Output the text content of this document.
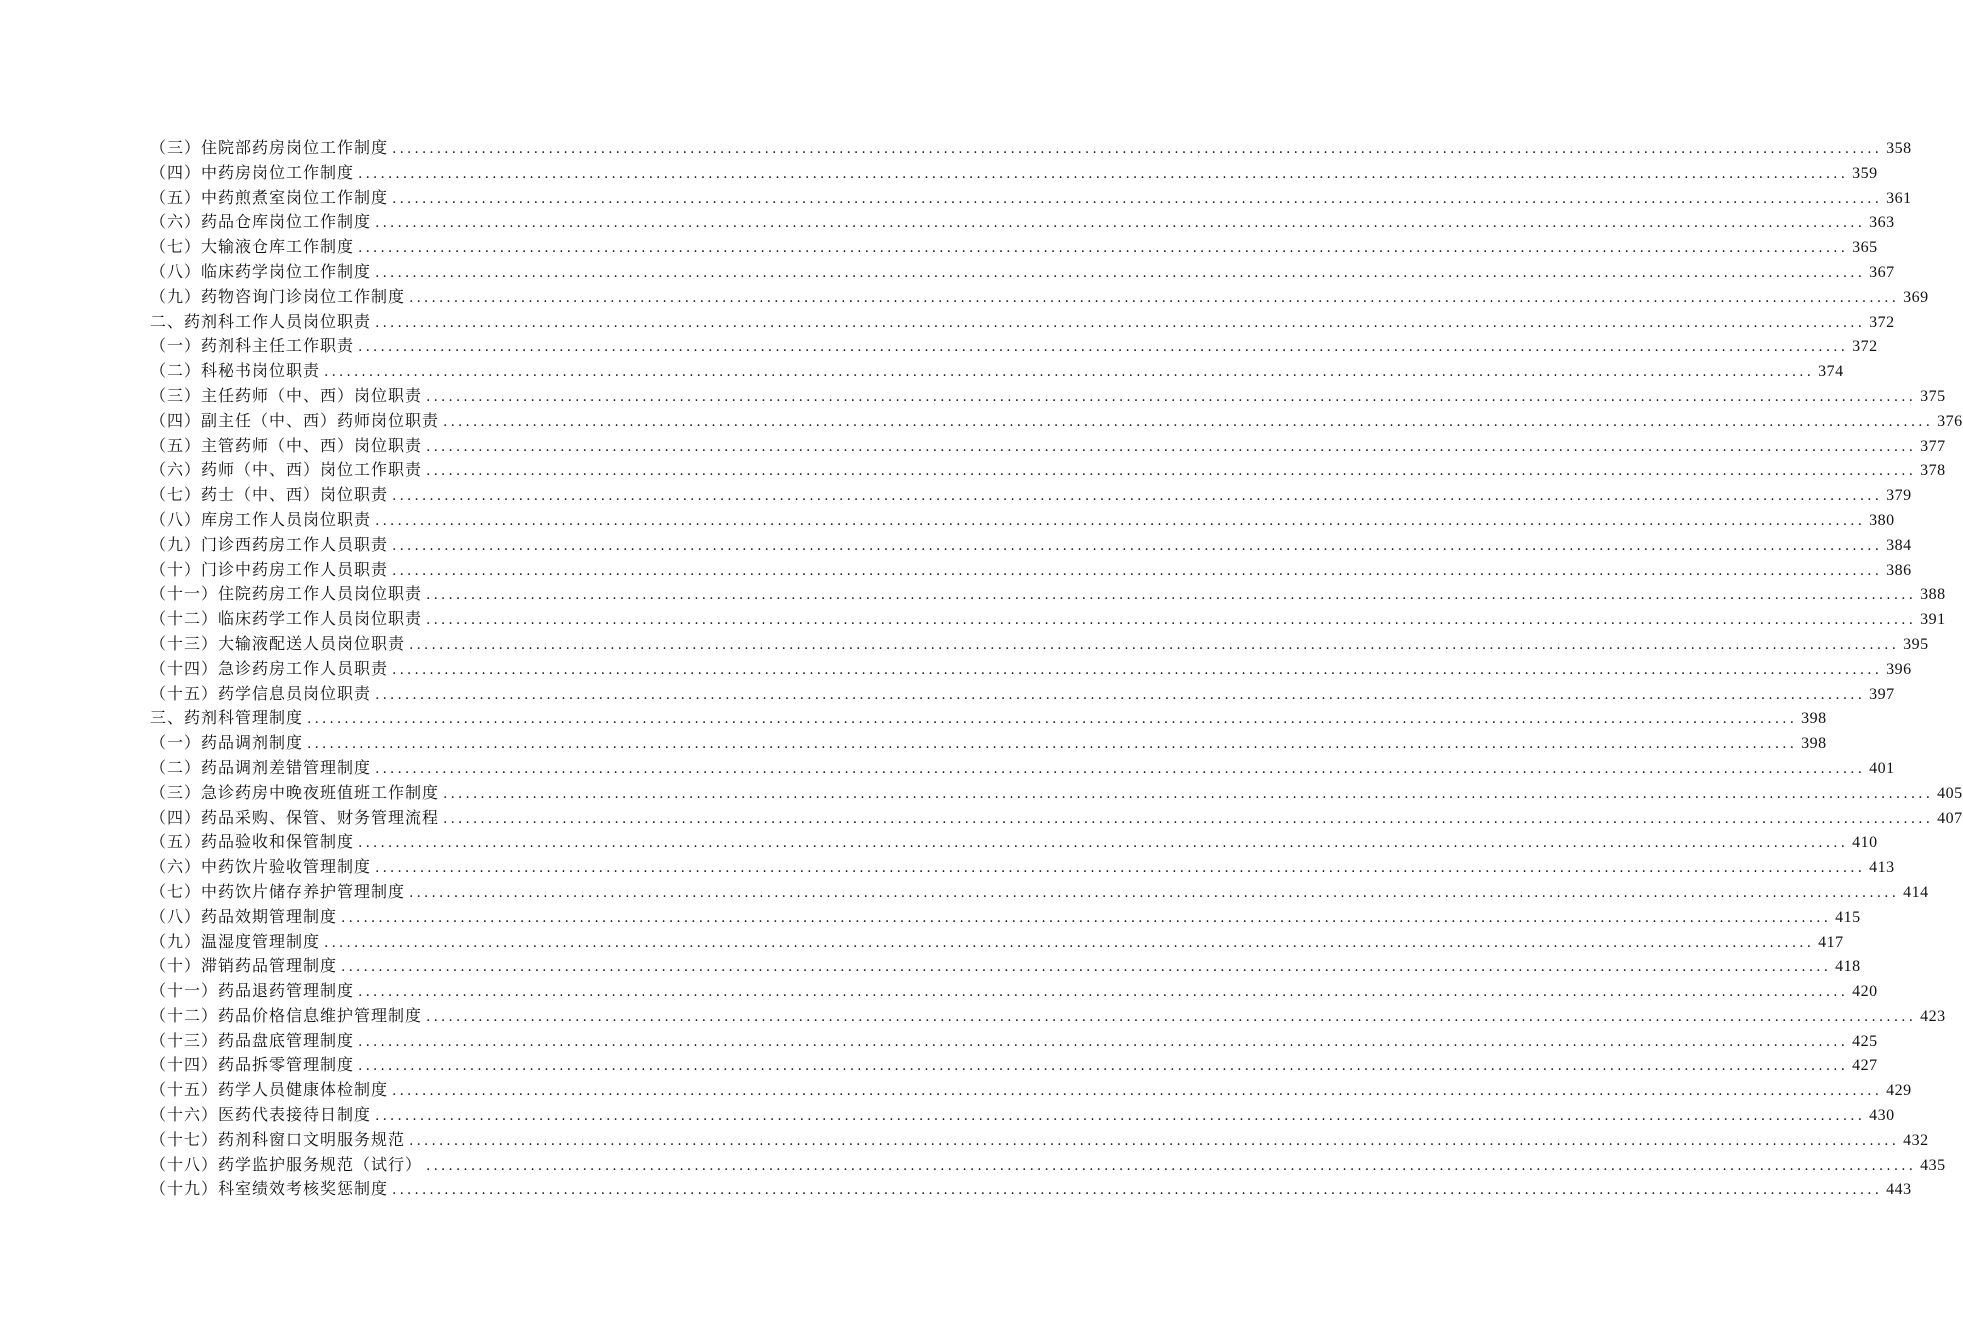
（三）住院部药房岗位工作制度 ........................................................................................................................................................................................................ 358
（四）中药房岗位工作制度 ........................................................................................................................................................................................................ 359
（五）中药煎煮室岗位工作制度 ........................................................................................................................................................................................................ 361
（六）药品仓库岗位工作制度 ........................................................................................................................................................................................................ 363
（七）大输液仓库工作制度 ........................................................................................................................................................................................................ 365
（八）临床药学岗位工作制度 ........................................................................................................................................................................................................ 367
（九）药物咨询门诊岗位工作制度 ........................................................................................................................................................................................................ 369
二、药剂科工作人员岗位职责 ........................................................................................................................................................................................................ 372
（一）药剂科主任工作职责 ........................................................................................................................................................................................................ 372
（二）科秘书岗位职责 ........................................................................................................................................................................................................ 374
（三）主任药师（中、西）岗位职责 ........................................................................................................................................................................................................ 375
（四）副主任（中、西）药师岗位职责 ........................................................................................................................................................................................................ 376
（五）主管药师（中、西）岗位职责 ........................................................................................................................................................................................................ 377
（六）药师（中、西）岗位工作职责 ........................................................................................................................................................................................................ 378
（七）药士（中、西）岗位职责 ........................................................................................................................................................................................................ 379
（八）库房工作人员岗位职责 ........................................................................................................................................................................................................ 380
（九）门诊西药房工作人员职责 ........................................................................................................................................................................................................ 384
（十）门诊中药房工作人员职责 ........................................................................................................................................................................................................ 386
（十一）住院药房工作人员岗位职责 ........................................................................................................................................................................................................ 388
（十二）临床药学工作人员岗位职责 ........................................................................................................................................................................................................ 391
（十三）大输液配送人员岗位职责 ........................................................................................................................................................................................................ 395
（十四）急诊药房工作人员职责 ........................................................................................................................................................................................................ 396
（十五）药学信息员岗位职责 ........................................................................................................................................................................................................ 397
三、药剂科管理制度 ........................................................................................................................................................................................................ 398
（一）药品调剂制度 ........................................................................................................................................................................................................ 398
（二）药品调剂差错管理制度 ........................................................................................................................................................................................................ 401
（三）急诊药房中晚夜班值班工作制度 ........................................................................................................................................................................................................ 405
（四）药品采购、保管、财务管理流程 ........................................................................................................................................................................................................ 407
（五）药品验收和保管制度 ........................................................................................................................................................................................................ 410
（六）中药饮片验收管理制度 ........................................................................................................................................................................................................ 413
（七）中药饮片储存养护管理制度 ........................................................................................................................................................................................................ 414
（八）药品效期管理制度 ........................................................................................................................................................................................................ 415
（九）温湿度管理制度 ........................................................................................................................................................................................................ 417
（十）滞销药品管理制度 ........................................................................................................................................................................................................ 418
（十一）药品退药管理制度 ........................................................................................................................................................................................................ 420
（十二）药品价格信息维护管理制度 ........................................................................................................................................................................................................ 423
（十三）药品盘底管理制度 ........................................................................................................................................................................................................ 425
（十四）药品拆零管理制度 ........................................................................................................................................................................................................ 427
（十五）药学人员健康体检制度 ........................................................................................................................................................................................................ 429
（十六）医药代表接待日制度 ........................................................................................................................................................................................................ 430
（十七）药剂科窗口文明服务规范 ........................................................................................................................................................................................................ 432
（十八）药学监护服务规范（试行） ........................................................................................................................................................................................................ 435
（十九）科室绩效考核奖惩制度 ........................................................................................................................................................................................................ 443
